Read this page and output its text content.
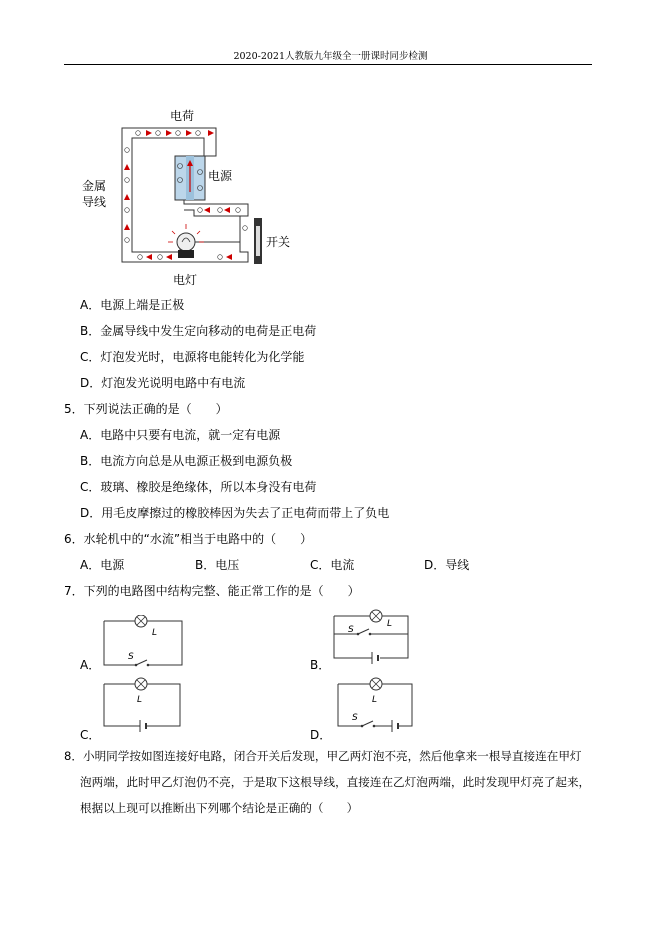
2020-2021人教版九年级全一册课时同步检测
电荷
电源
金属
导线
开关
电灯
A．电源上端是正极
B．金属导线中发生定向移动的电荷是正电荷
C．灯泡发光时，电源将电能转化为化学能
D．灯泡发光说明电路中有电流
5．下列说法正确的是（　　）
A．电路中只要有电流，就一定有电源
B．电流方向总是从电源正极到电源负极
C．玻璃、橡胶是绝缘体，所以本身没有电荷
D．用毛皮摩擦过的橡胶棒因为失去了正电荷而带上了负电
6．水轮机中的“水流”相当于电路中的（　　）
A．电源	B．电压	C．电流	D．导线
7．下列的电路图中结构完整、能正常工作的是（　　）
L
S
A．
L
S
B．
L
C．
L
S
D．
8．小明同学按如图连接好电路，闭合开关后发现，甲乙两灯泡不亮，然后他拿来一根导直接连在甲灯
泡两端，此时甲乙灯泡仍不亮，于是取下这根导线，直接连在乙灯泡两端，此时发现甲灯亮了起来，
根据以上现可以推断出下列哪个结论是正确的（　　）
